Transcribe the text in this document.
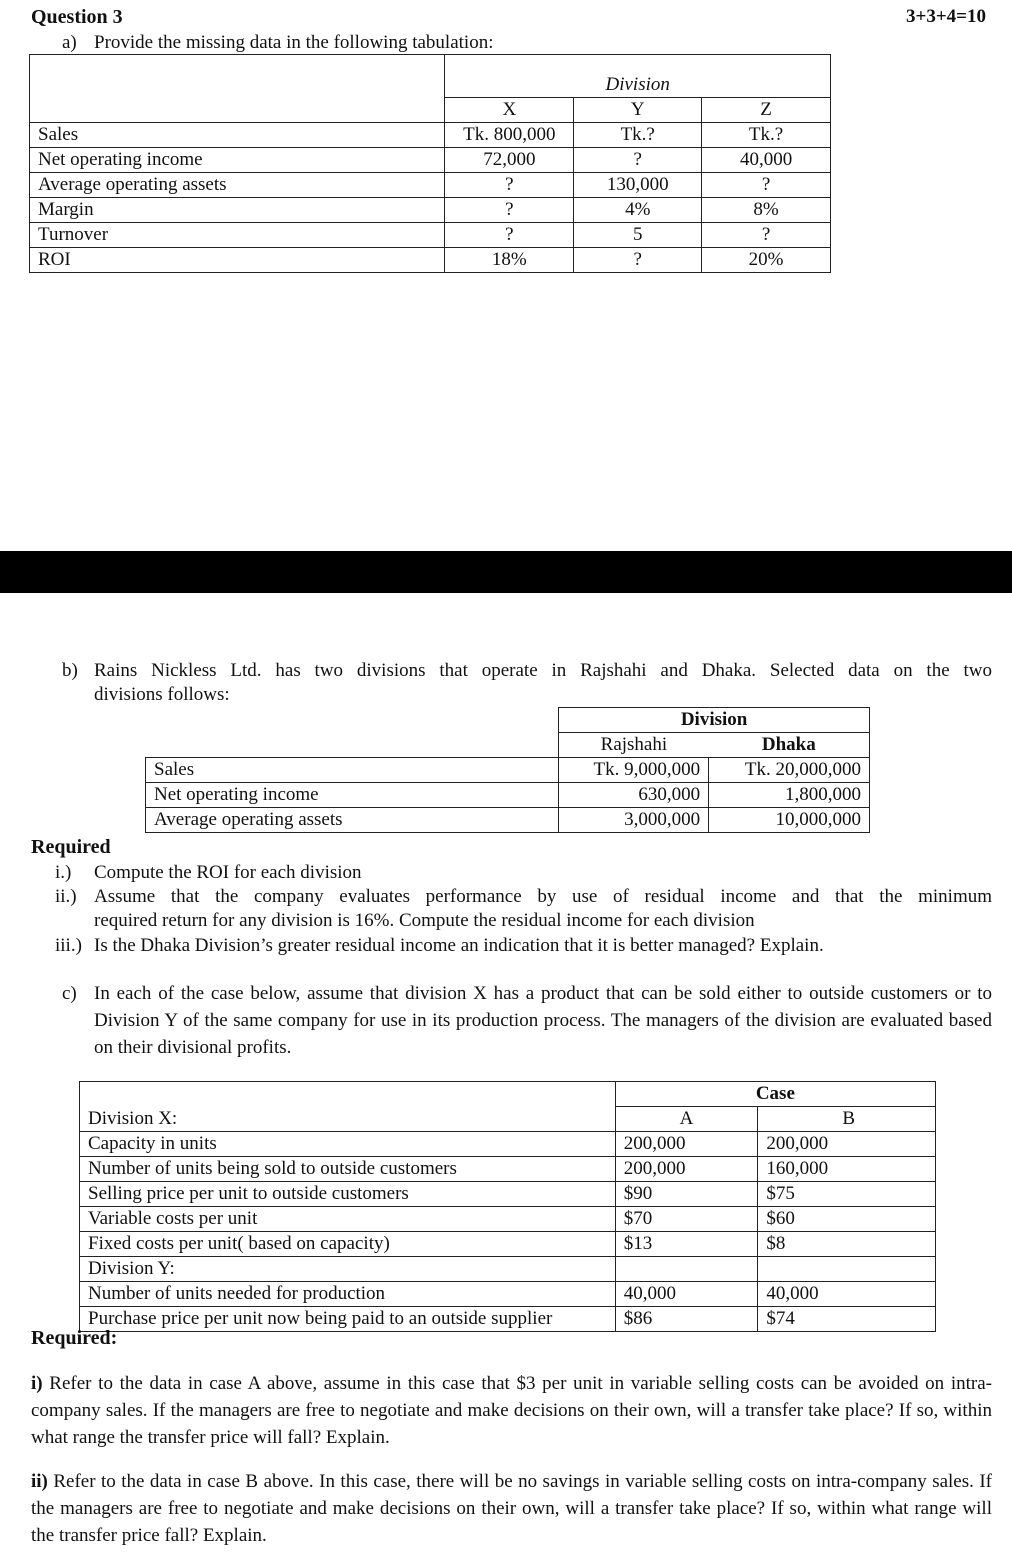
Question 3	3+3+4=10
a) Provide the missing data in the following tabulation:
	Division		
	X	Y	Z
Sales	Tk. 800,000	Tk.?	Tk.?
Net operating income	72,000	?	40,000
Average operating assets	?	130,000	?
Margin	?	4%	8%
Turnover	?	5	?
ROI	18%	?	20%
b) Rains Nickless Ltd. has two divisions that operate in Rajshahi and Dhaka. Selected data on the two
divisions follows:
	Division	
	Rajshahi	Dhaka
Sales	Tk. 9,000,000	Tk. 20,000,000
Net operating income	630,000	1,800,000
Average operating assets	3,000,000	10,000,000
Required
i.) Compute the ROI for each division
ii.) Assume that the company evaluates performance by use of residual income and that the minimum
required return for any division is 16%. Compute the residual income for each division
iii.) Is the Dhaka Division’s greater residual income an indication that it is better managed? Explain.
c) In each of the case below, assume that division X has a product that can be sold either to outside customers or to Division Y of the same company for use in its production process. The managers of the division are evaluated based on their divisional profits.
	Case	
Division X:	A	B
Capacity in units	200,000	200,000
Number of units being sold to outside customers	200,000	160,000
Selling price per unit to outside customers	$90	$75
Variable costs per unit	$70	$60
Fixed costs per unit( based on capacity)	$13	$8
Division Y:		
Number of units needed for production	40,000	40,000
Purchase price per unit now being paid to an outside supplier	$86	$74
Required:
i) Refer to the data in case A above, assume in this case that $3 per unit in variable selling costs can be avoided on intra-company sales. If the managers are free to negotiate and make decisions on their own, will a transfer take place? If so, within what range the transfer price will fall? Explain.
ii) Refer to the data in case B above. In this case, there will be no savings in variable selling costs on intra-company sales. If the managers are free to negotiate and make decisions on their own, will a transfer take place? If so, within what range will the transfer price fall? Explain.
